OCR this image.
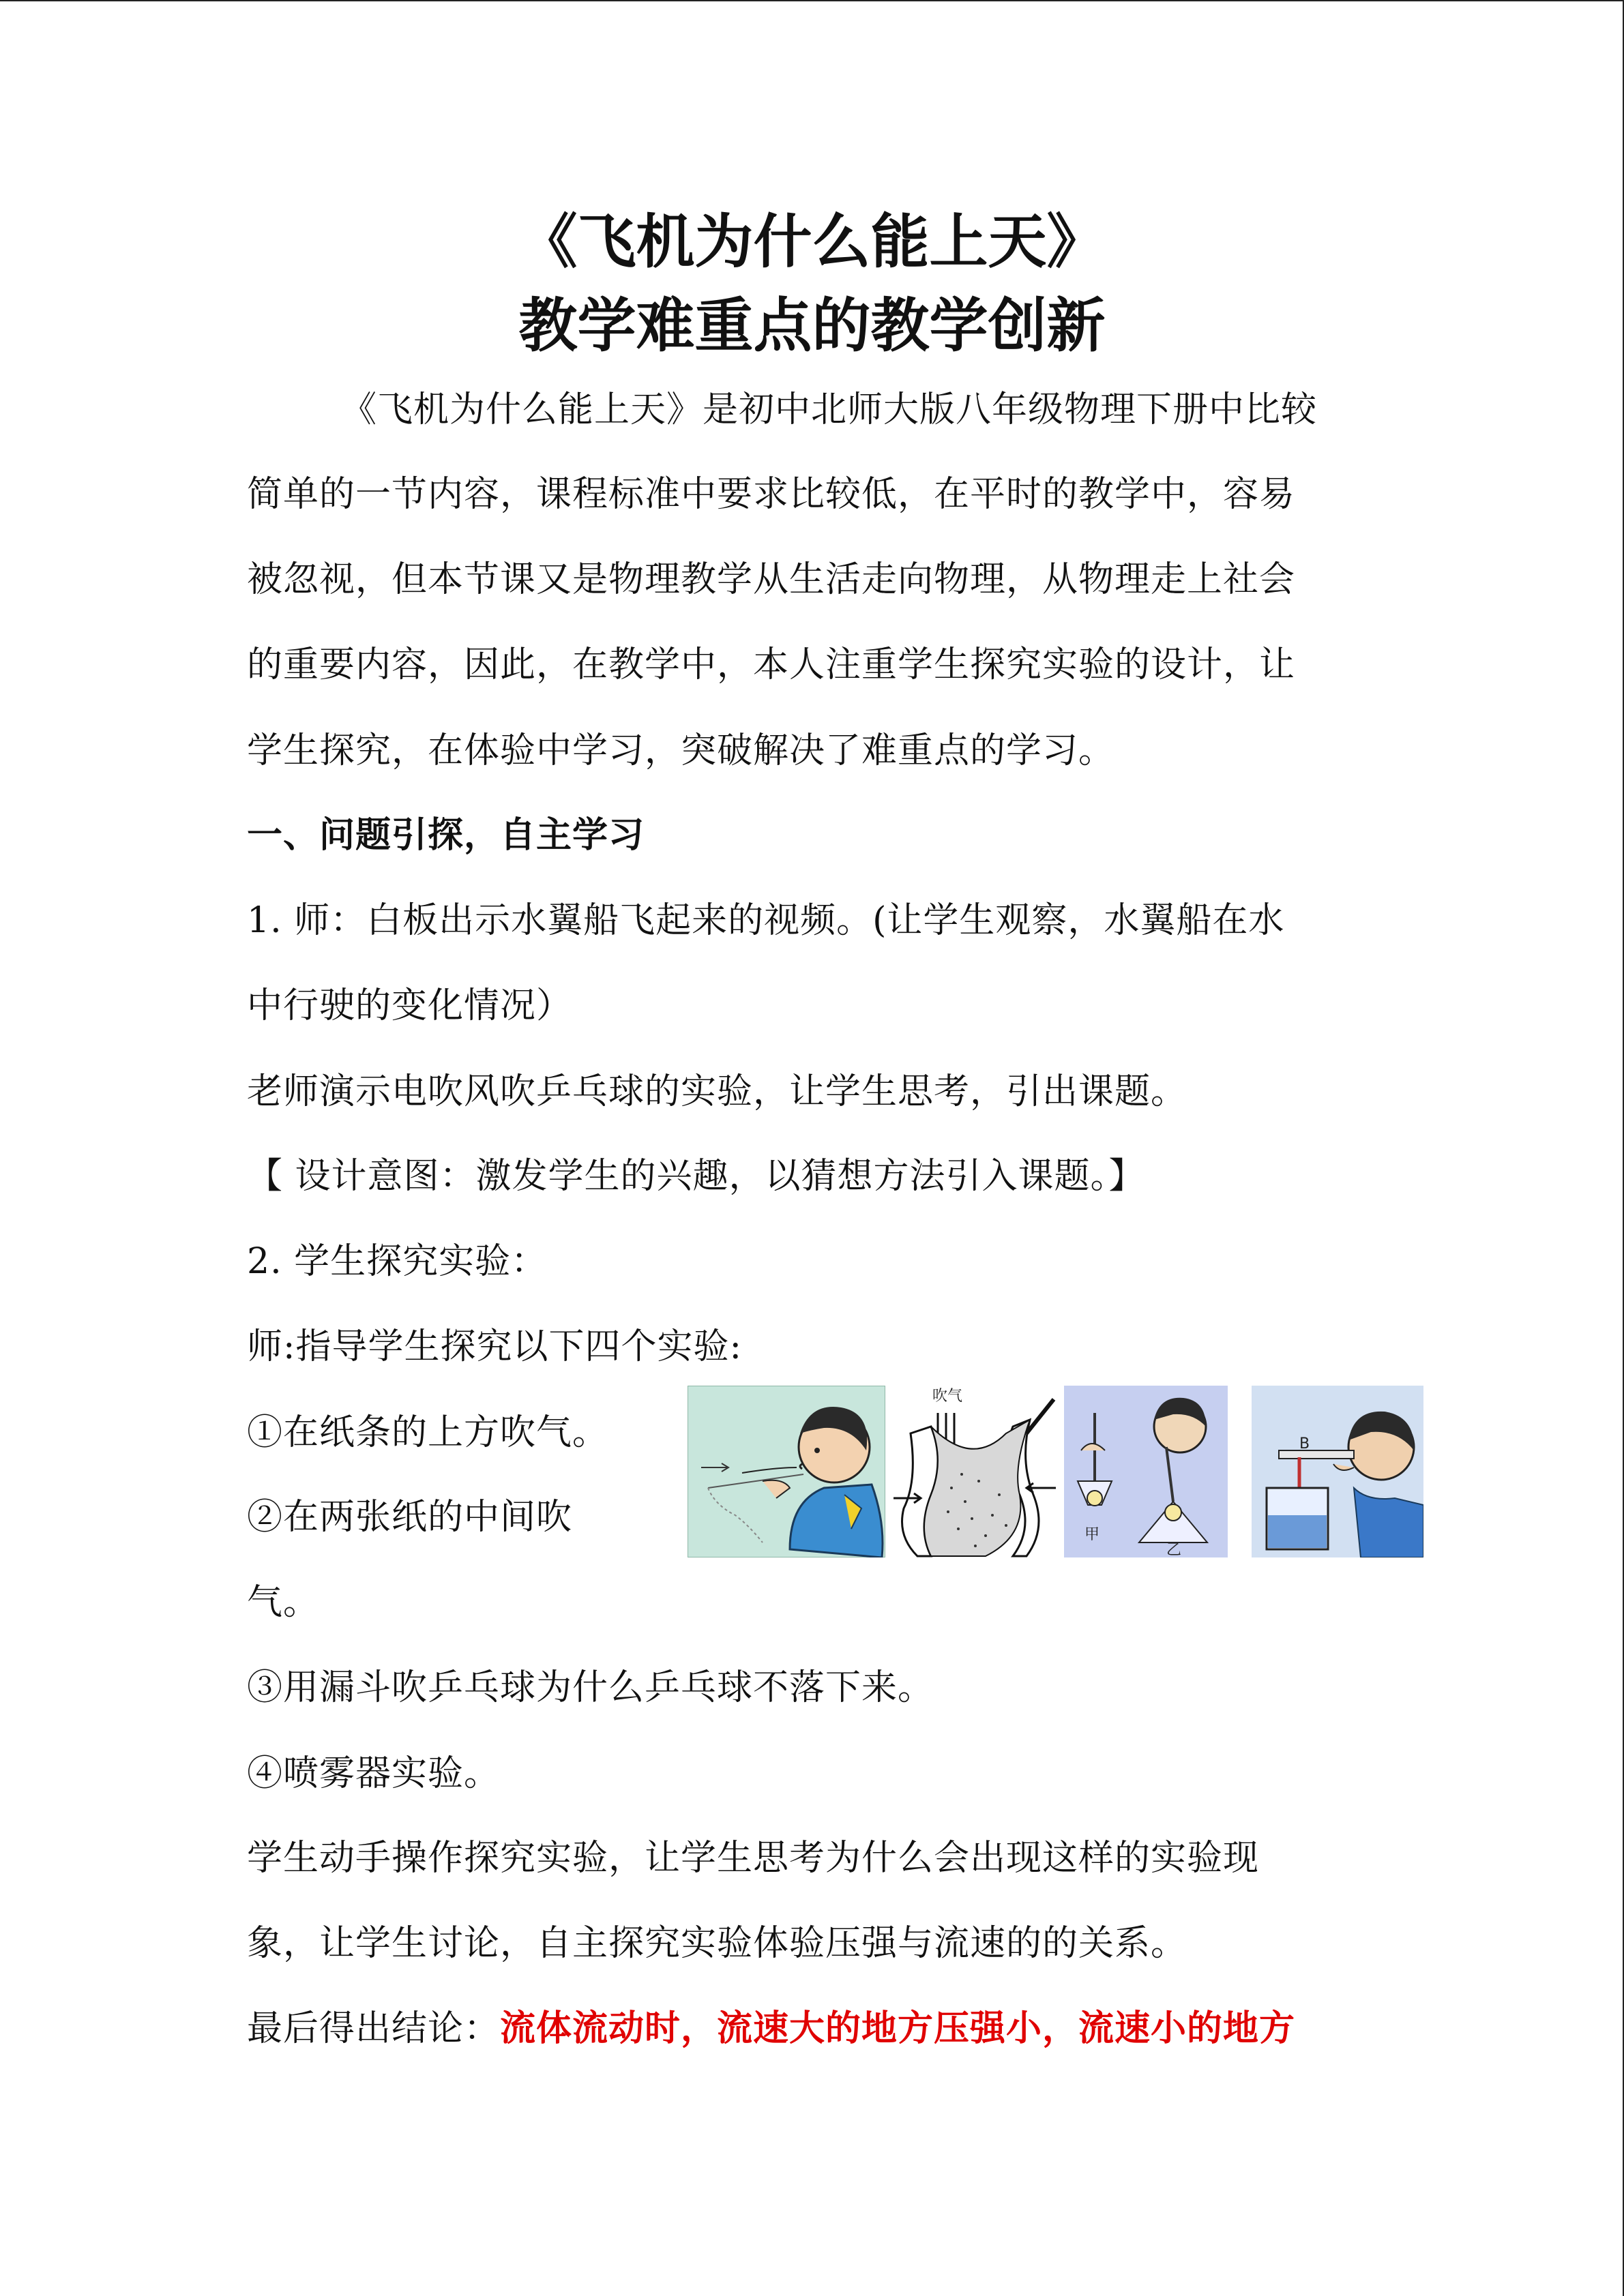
《飞机为什么能上天》
教学难重点的教学创新
《飞机为什么能上天》是初中北师大版八年级物理下册中比较
简单的一节内容，课程标准中要求比较低，在平时的教学中，容易
被忽视，但本节课又是物理教学从生活走向物理，从物理走上社会
的重要内容，因此，在教学中，本人注重学生探究实验的设计，让
学生探究，在体验中学习，突破解决了难重点的学习。
一、问题引探，自主学习
1. 师：白板出示水翼船飞起来的视频。(让学生观察，水翼船在水
中行驶的变化情况）
老师演示电吹风吹乒乓球的实验，让学生思考，引出课题。
【 设计意图：激发学生的兴趣，以猜想方法引入课题。】
2. 学生探究实验：
师:指导学生探究以下四个实验:
①在纸条的上方吹气。
②在两张纸的中间吹
气。
③用漏斗吹乒乓球为什么乒乓球不落下来。
④喷雾器实验。
学生动手操作探究实验，让学生思考为什么会出现这样的实验现
象，让学生讨论，自主探究实验体验压强与流速的的关系。
最后得出结论：流体流动时，流速大的地方压强小，流速小的地方
吹气
甲
乙
B
